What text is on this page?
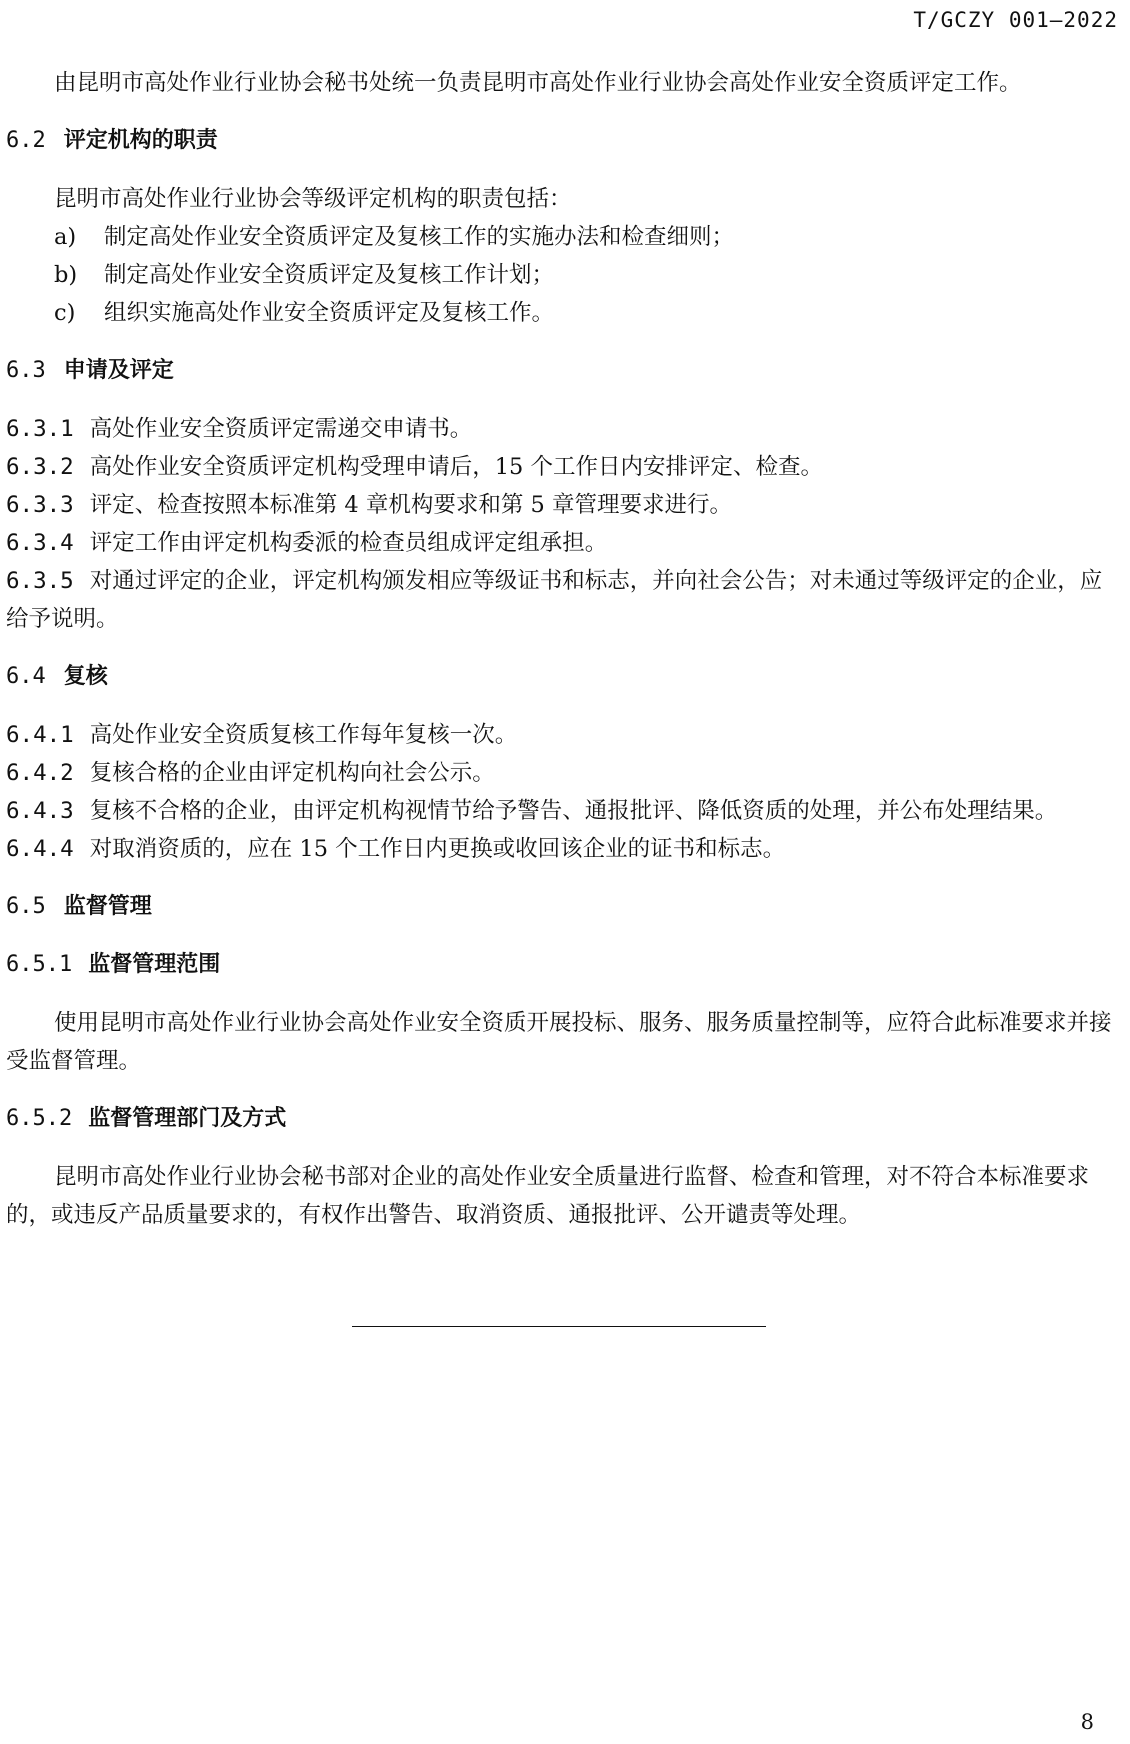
T/GCZY 001—2022

由昆明市高处作业行业协会秘书处统一负责昆明市高处作业行业协会高处作业安全资质评定工作。

6.2 评定机构的职责

昆明市高处作业行业协会等级评定机构的职责包括：

a) 制定高处作业安全资质评定及复核工作的实施办法和检查细则；

b) 制定高处作业安全资质评定及复核工作计划；

c) 组织实施高处作业安全资质评定及复核工作。

6.3 申请及评定

6.3.1 高处作业安全资质评定需递交申请书。

6.3.2 高处作业安全资质评定机构受理申请后，15 个工作日内安排评定、检查。

6.3.3 评定、检查按照本标准第 4 章机构要求和第 5 章管理要求进行。

6.3.4 评定工作由评定机构委派的检查员组成评定组承担。

6.3.5 对通过评定的企业，评定机构颁发相应等级证书和标志，并向社会公告；对未通过等级评定的企业，应给予说明。

6.4 复核

6.4.1 高处作业安全资质复核工作每年复核一次。

6.4.2 复核合格的企业由评定机构向社会公示。

6.4.3 复核不合格的企业，由评定机构视情节给予警告、通报批评、降低资质的处理，并公布处理结果。

6.4.4 对取消资质的，应在 15 个工作日内更换或收回该企业的证书和标志。

6.5 监督管理

6.5.1 监督管理范围

使用昆明市高处作业行业协会高处作业安全资质开展投标、服务、服务质量控制等，应符合此标准要求并接受监督管理。

6.5.2 监督管理部门及方式

昆明市高处作业行业协会秘书部对企业的高处作业安全质量进行监督、检查和管理，对不符合本标准要求的，或违反产品质量要求的，有权作出警告、取消资质、通报批评、公开谴责等处理。

8
